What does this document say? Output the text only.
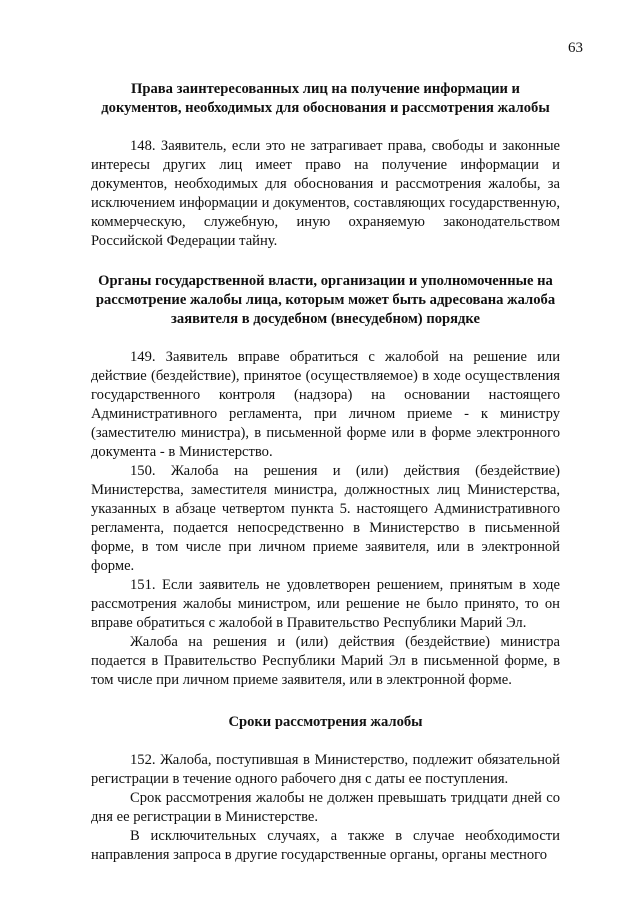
63

Права заинтересованных лиц на получение информации и документов, необходимых для обоснования и рассмотрения жалобы

148. Заявитель, если это не затрагивает права, свободы и законные интересы других лиц имеет право на получение информации и документов, необходимых для обоснования и рассмотрения жалобы, за исключением информации и документов, составляющих государственную, коммерческую, служебную, иную охраняемую законодательством Российской Федерации тайну.

Органы государственной власти, организации и уполномоченные на рассмотрение жалобы лица, которым может быть адресована жалоба заявителя в досудебном (внесудебном) порядке

149. Заявитель вправе обратиться с жалобой на решение или действие (бездействие), принятое (осуществляемое) в ходе осуществления государственного контроля (надзора) на основании настоящего Административного регламента, при личном приеме - к министру (заместителю министра), в письменной форме или в форме электронного документа - в Министерство.

150. Жалоба на решения и (или) действия (бездействие) Министерства, заместителя министра, должностных лиц Министерства, указанных в абзаце четвертом пункта 5. настоящего Административного регламента, подается непосредственно в Министерство в письменной форме, в том числе при личном приеме заявителя, или в электронной форме.

151. Если заявитель не удовлетворен решением, принятым в ходе рассмотрения жалобы министром, или решение не было принято, то он вправе обратиться с жалобой в Правительство Республики Марий Эл.

Жалоба на решения и (или) действия (бездействие) министра подается в Правительство Республики Марий Эл в письменной форме, в том числе при личном приеме заявителя, или в электронной форме.

Сроки рассмотрения жалобы

152. Жалоба, поступившая в Министерство, подлежит обязательной регистрации в течение одного рабочего дня с даты ее поступления.

Срок рассмотрения жалобы не должен превышать тридцати дней со дня ее регистрации в Министерстве.

В исключительных случаях, а также в случае необходимости направления запроса в другие государственные органы, органы местного
